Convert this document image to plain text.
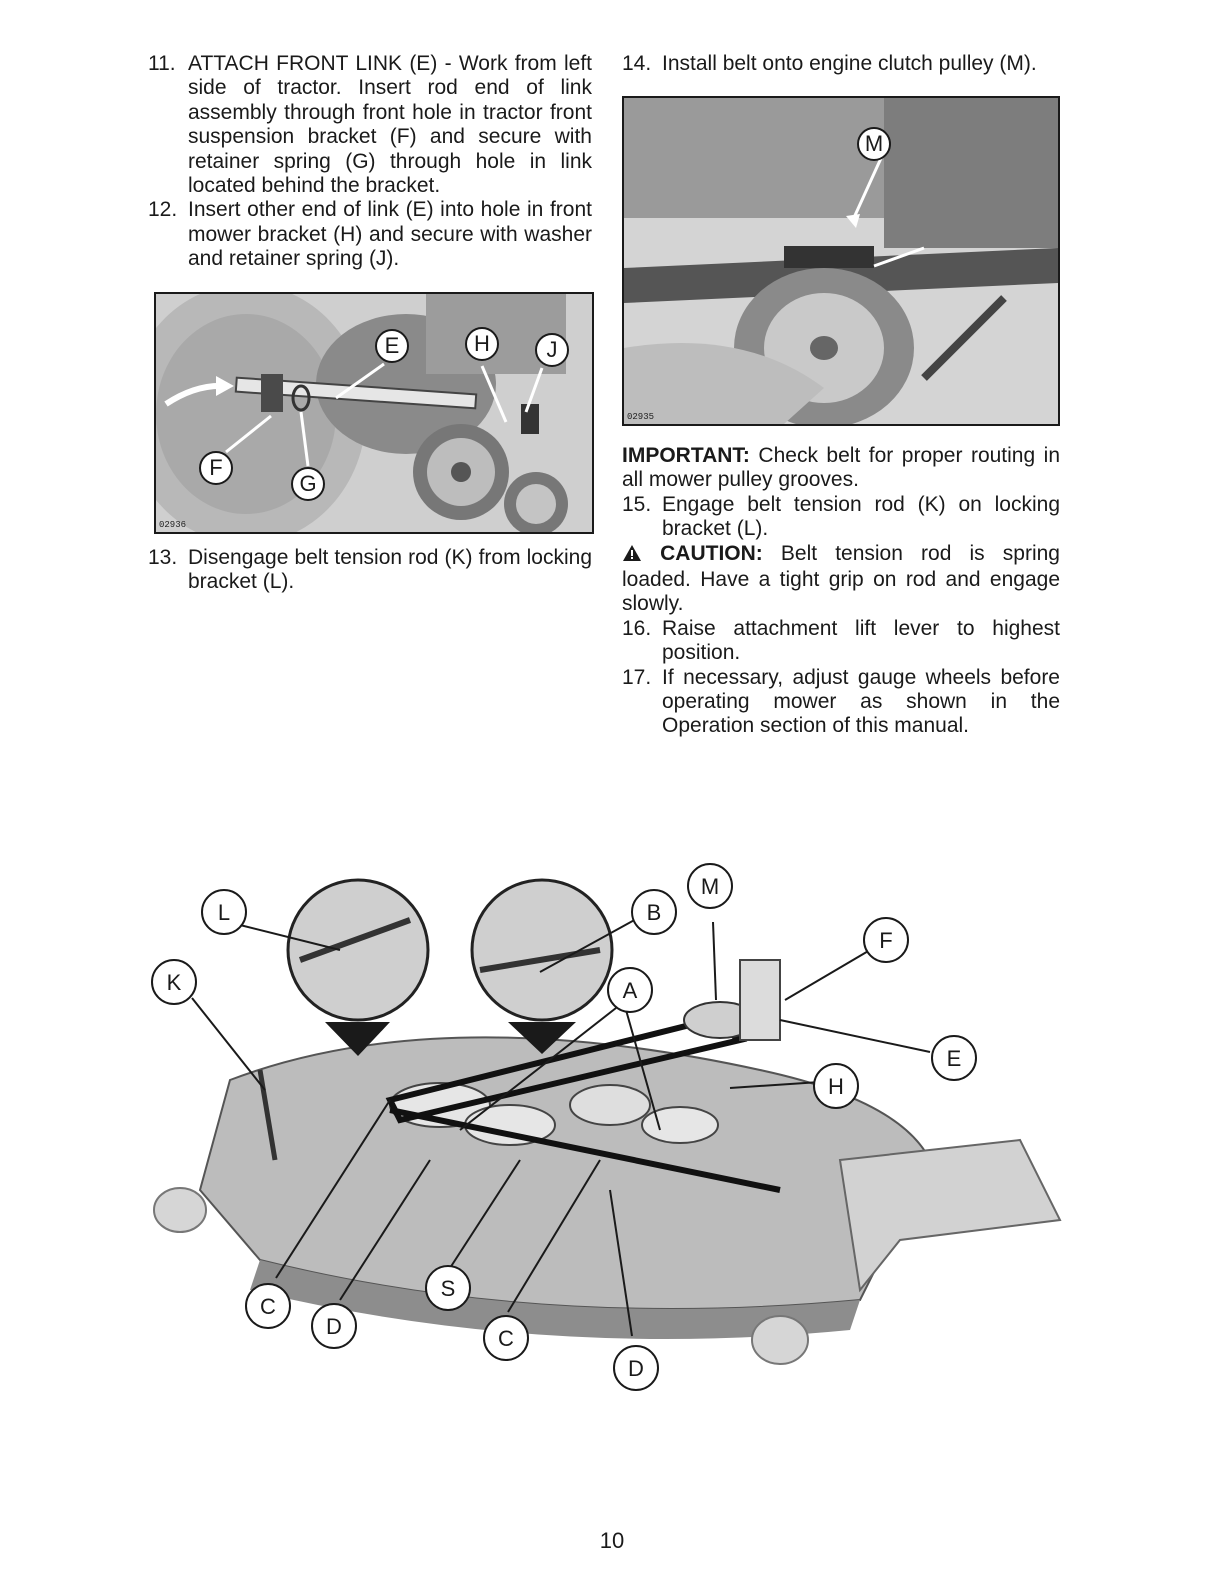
11. ATTACH FRONT LINK (E) - Work from left side of tractor. Insert rod end of link assembly through front hole in tractor front suspension bracket (F) and secure with retainer spring (G) through hole in link located behind the bracket.
12. Insert other end of link (E) into hole in front mower bracket (H) and secure with washer and retainer spring (J).
E	H	J
F
G
02936
13. Disengage belt tension rod (K) from locking bracket (L).
14. Install belt onto engine clutch pulley (M).
M
02935

IMPORTANT: Check belt for proper routing in all mower pulley grooves.

15. Engage belt tension rod (K) on locking bracket (L).

CAUTION: Belt tension rod is spring loaded. Have a tight grip on rod and engage slowly.

16. Raise attachment lift lever to highest position.
17. If necessary, adjust gauge wheels before operating mower as shown in the Operation section of this manual.
L
K
B
M
F
A
E
H
C
D
S
C
D
10
